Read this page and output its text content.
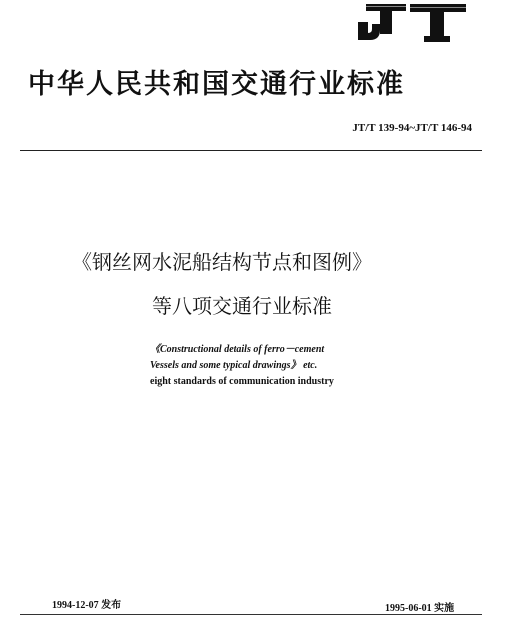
中华人民共和国交通行业标准
JT/T 139-94~JT/T 146-94
《钢丝网水泥船结构节点和图例》
等八项交通行业标准
《Constructional details of ferro－cement
Vessels and some typical drawings》 etc.
eight standards of communication industry
1994-12-07 发布	1995-06-01 实施
